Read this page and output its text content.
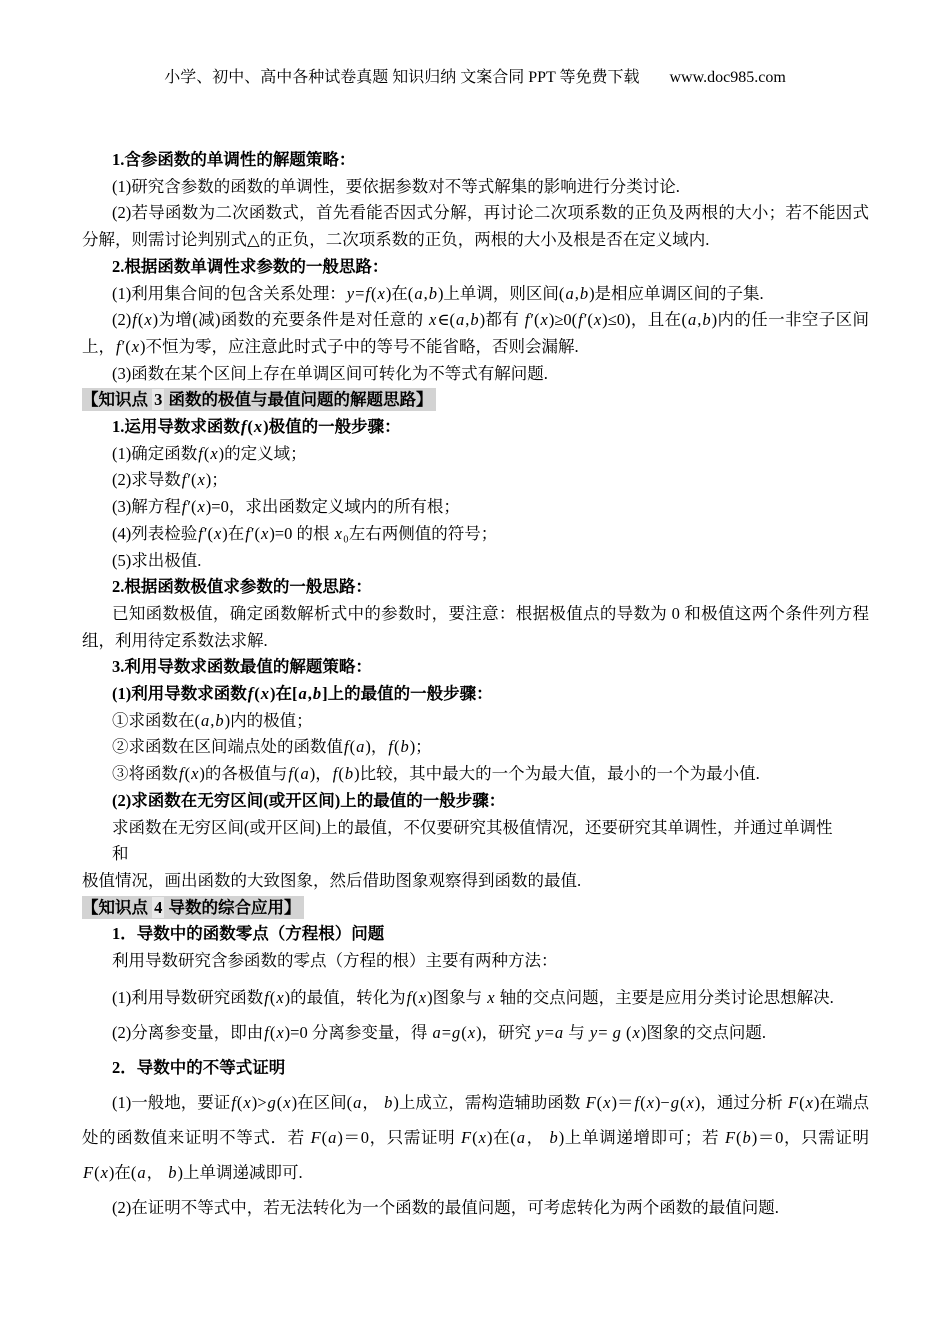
小学、初中、高中各种试卷真题 知识归纳 文案合同 PPT 等免费下载 www.doc985.com
1.含参函数的单调性的解题策略：
(1)研究含参数的函数的单调性，要依据参数对不等式解集的影响进行分类讨论.
(2)若导函数为二次函数式，首先看能否因式分解，再讨论二次项系数的正负及两根的大小；若不能因式分解，则需讨论判别式△的正负，二次项系数的正负，两根的大小及根是否在定义域内.
2.根据函数单调性求参数的一般思路：
(1)利用集合间的包含关系处理：y=f(x)在(a,b)上单调，则区间(a,b)是相应单调区间的子集.
(2)f(x)为增(减)函数的充要条件是对任意的 x∈(a,b)都有 f′(x)≥0(f′(x)≤0)，且在(a,b)内的任一非空子区间上，f′(x)不恒为零，应注意此时式子中的等号不能省略，否则会漏解.
(3)函数在某个区间上存在单调区间可转化为不等式有解问题.
【知识点 3 函数的极值与最值问题的解题思路】
1.运用导数求函数f(x)极值的一般步骤：
(1)确定函数f(x)的定义域；
(2)求导数f′(x)；
(3)解方程f′(x)=0，求出函数定义域内的所有根；
(4)列表检验f′(x)在f′(x)=0 的根 x₀左右两侧值的符号；
(5)求出极值.
2.根据函数极值求参数的一般思路：
已知函数极值，确定函数解析式中的参数时，要注意：根据极值点的导数为 0 和极值这两个条件列方程组，利用待定系数法求解.
3.利用导数求函数最值的解题策略：
(1)利用导数求函数f(x)在[a,b]上的最值的一般步骤：
①求函数在(a,b)内的极值；
②求函数在区间端点处的函数值f(a)，f(b)；
③将函数f(x)的各极值与f(a)，f(b)比较，其中最大的一个为最大值，最小的一个为最小值.
(2)求函数在无穷区间(或开区间)上的最值的一般步骤：
求函数在无穷区间(或开区间)上的最值，不仅要研究其极值情况，还要研究其单调性，并通过单调性
和
极值情况，画出函数的大致图象，然后借助图象观察得到函数的最值.
【知识点 4 导数的综合应用】
1．导数中的函数零点（方程根）问题
利用导数研究含参函数的零点（方程的根）主要有两种方法：
(1)利用导数研究函数f(x)的最值，转化为f(x)图象与 x 轴的交点问题，主要是应用分类讨论思想解决.
(2)分离参变量，即由f(x)=0 分离参变量，得 a=g(x)，研究 y=a 与 y= g (x)图象的交点问题.
2．导数中的不等式证明
(1)一般地，要证f(x)>g(x)在区间(a， b)上成立，需构造辅助函数 F(x)＝f(x)−g(x)，通过分析 F(x)在端点处的函数值来证明不等式．若 F(a)＝0，只需证明 F(x)在(a， b)上单调递增即可；若 F(b)＝0，只需证明 F(x)在(a， b)上单调递减即可.
(2)在证明不等式中，若无法转化为一个函数的最值问题，可考虑转化为两个函数的最值问题.
